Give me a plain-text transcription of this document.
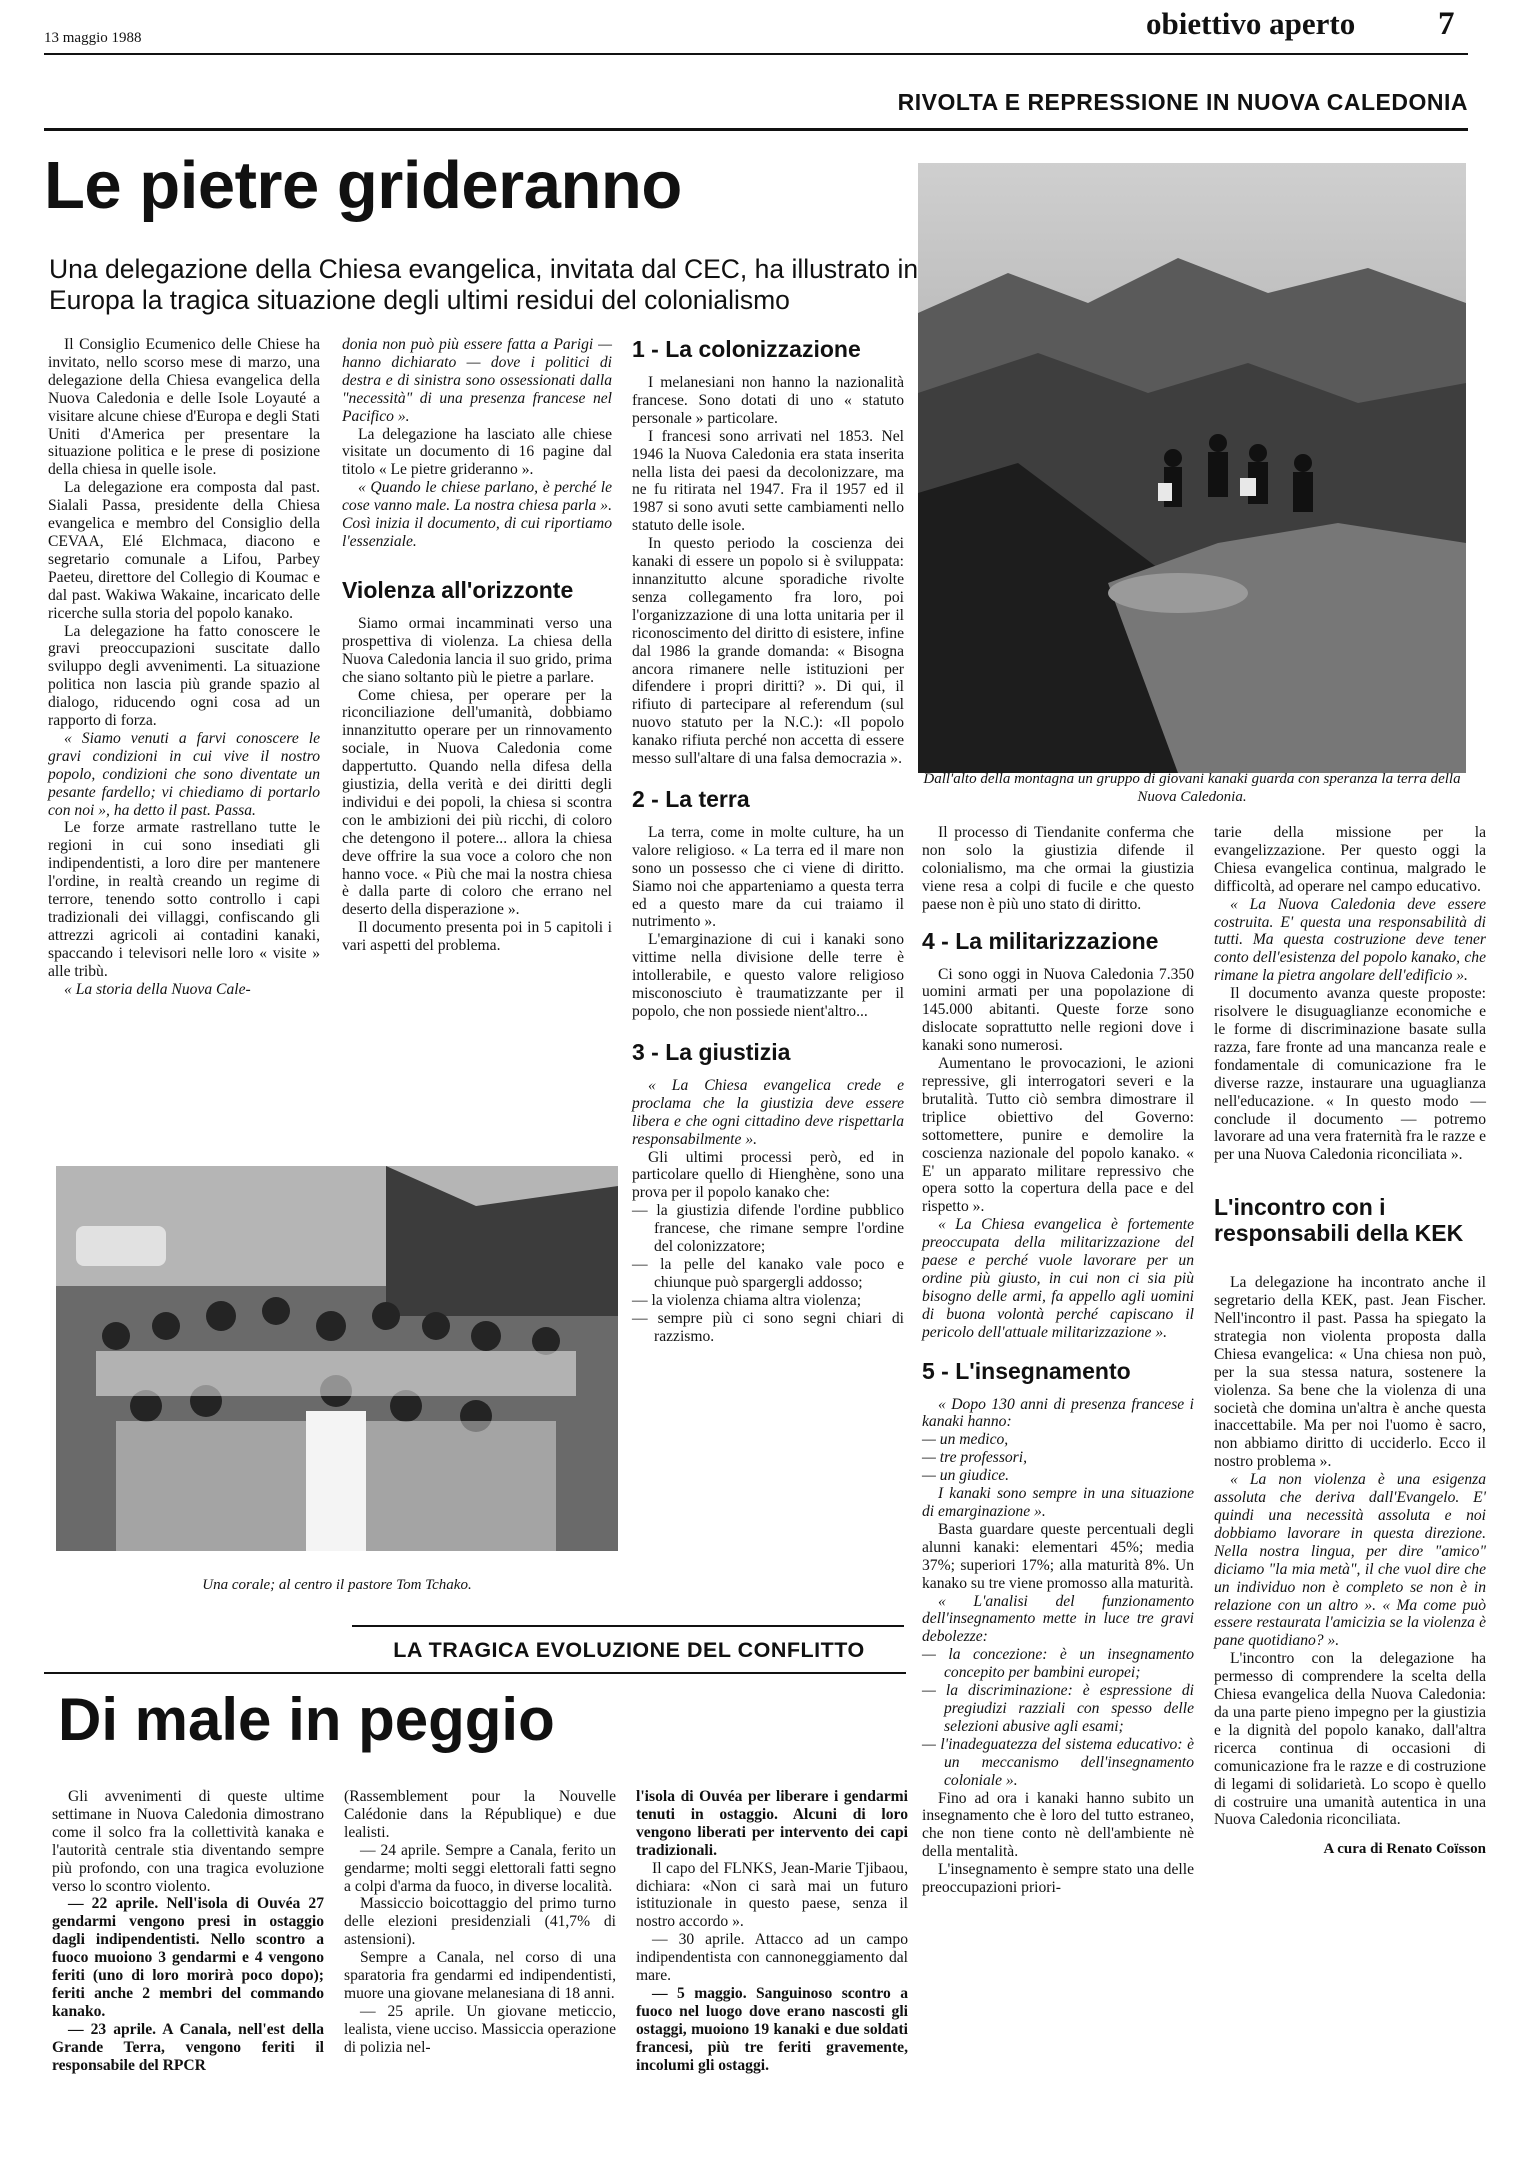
13 maggio 1988	obiettivo aperto	7
RIVOLTA E REPRESSIONE IN NUOVA CALEDONIA
Le pietre grideranno
Una delegazione della Chiesa evangelica, invitata dal CEC, ha illustrato in Europa la tragica situazione degli ultimi residui del colonialismo

Il Consiglio Ecumenico delle Chiese ha invitato, nello scorso mese di marzo, una delegazione della Chiesa evangelica della Nuova Caledonia e delle Isole Loyauté a visitare alcune chiese d'Europa e degli Stati Uniti d'America per presentare la situazione politica e le prese di posizione della chiesa in quelle isole.

La delegazione era composta dal past. Sialali Passa, presidente della Chiesa evangelica e membro del Consiglio della CEVAA, Elé Elchmaca, diacono e segretario comunale a Lifou, Parbey Paeteu, direttore del Collegio di Koumac e dal past. Wakiwa Wakaine, incaricato delle ricerche sulla storia del popolo kanako.

La delegazione ha fatto conoscere le gravi preoccupazioni suscitate dallo sviluppo degli avvenimenti. La situazione politica non lascia più grande spazio al dialogo, riducendo ogni cosa ad un rapporto di forza.

« Siamo venuti a farvi conoscere le gravi condizioni in cui vive il nostro popolo, condizioni che sono diventate un pesante fardello; vi chiediamo di portarlo con noi », ha detto il past. Passa.

Le forze armate rastrellano tutte le regioni in cui sono insediati gli indipendentisti, a loro dire per mantenere l'ordine, in realtà creando un regime di terrore, tenendo sotto controllo i capi tradizionali dei villaggi, confiscando gli attrezzi agricoli ai contadini kanaki, spaccando i televisori nelle loro « visite » alle tribù.

« La storia della Nuova Cale-

donia non può più essere fatta a Parigi — hanno dichiarato — dove i politici di destra e di sinistra sono ossessionati dalla "necessità" di una presenza francese nel Pacifico ».

La delegazione ha lasciato alle chiese visitate un documento di 16 pagine dal titolo « Le pietre grideranno ».

« Quando le chiese parlano, è perché le cose vanno male. La nostra chiesa parla ». Così inizia il documento, di cui riportiamo l'essenziale.

Violenza all'orizzonte

Siamo ormai incamminati verso una prospettiva di violenza. La chiesa della Nuova Caledonia lancia il suo grido, prima che siano soltanto più le pietre a parlare.

Come chiesa, per operare per la riconciliazione dell'umanità, dobbiamo innanzitutto operare per un rinnovamento sociale, in Nuova Caledonia come dappertutto. Quando nella difesa della giustizia, della verità e dei diritti degli individui e dei popoli, la chiesa si scontra con le ambizioni dei più ricchi, di coloro che detengono il potere... allora la chiesa deve offrire la sua voce a coloro che non hanno voce. « Più che mai la nostra chiesa è dalla parte di coloro che errano nel deserto della disperazione ».

Il documento presenta poi in 5 capitoli i vari aspetti del problema.

1 - La colonizzazione

I melanesiani non hanno la nazionalità francese. Sono dotati di uno « statuto personale » particolare.

I francesi sono arrivati nel 1853. Nel 1946 la Nuova Caledonia era stata inserita nella lista dei paesi da decolonizzare, ma ne fu ritirata nel 1947. Fra il 1957 ed il 1987 si sono avuti sette cambiamenti nello statuto delle isole.

In questo periodo la coscienza dei kanaki di essere un popolo si è sviluppata: innanzitutto alcune sporadiche rivolte senza collegamento fra loro, poi l'organizzazione di una lotta unitaria per il riconoscimento del diritto di esistere, infine dal 1986 la grande domanda: « Bisogna ancora rimanere nelle istituzioni per difendere i propri diritti? ». Di qui, il rifiuto di partecipare al referendum (sul nuovo statuto per la N.C.): «Il popolo kanako rifiuta perché non accetta di essere messo sull'altare di una falsa democrazia ».

2 - La terra

La terra, come in molte culture, ha un valore religioso. « La terra ed il mare non sono un possesso che ci viene di diritto. Siamo noi che apparteniamo a questa terra ed a questo mare da cui traiamo il nutrimento ».

L'emarginazione di cui i kanaki sono vittime nella divisione delle terre è intollerabile, e questo valore religioso misconosciuto è traumatizzante per il popolo, che non possiede nient'altro...

3 - La giustizia

« La Chiesa evangelica crede e proclama che la giustizia deve essere libera e che ogni cittadino deve rispettarla responsabilmente ».

Gli ultimi processi però, ed in particolare quello di Hienghène, sono una prova per il popolo kanako che:

— la giustizia difende l'ordine pubblico francese, che rimane sempre l'ordine del colonizzatore;
— la pelle del kanako vale poco e chiunque può spargergli addosso;
— la violenza chiama altra violenza;
— sempre più ci sono segni chiari di razzismo.
Dall'alto della montagna un gruppo di giovani kanaki guarda con speranza la terra della Nuova Caledonia.
Una corale; al centro il pastore Tom Tchako.

Il processo di Tiendanite conferma che non solo la giustizia difende il colonialismo, ma che ormai la giustizia viene resa a colpi di fucile e che questo paese non è più uno stato di diritto.

4 - La militarizzazione

Ci sono oggi in Nuova Caledonia 7.350 uomini armati per una popolazione di 145.000 abitanti. Queste forze sono dislocate soprattutto nelle regioni dove i kanaki sono numerosi.

Aumentano le provocazioni, le azioni repressive, gli interrogatori severi e la brutalità. Tutto ciò sembra dimostrare il triplice obiettivo del Governo: sottomettere, punire e demolire la coscienza nazionale del popolo kanako. « E' un apparato militare repressivo che opera sotto la copertura della pace e del rispetto ».

« La Chiesa evangelica è fortemente preoccupata della militarizzazione del paese e perché vuole lavorare per un ordine più giusto, in cui non ci sia più bisogno delle armi, fa appello agli uomini di buona volontà perché capiscano il pericolo dell'attuale militarizzazione ».

5 - L'insegnamento

« Dopo 130 anni di presenza francese i kanaki hanno:

— un medico,
— tre professori,
— un giudice.

I kanaki sono sempre in una situazione di emarginazione ».

Basta guardare queste percentuali degli alunni kanaki: elementari 45%; media 37%; superiori 17%; alla maturità 8%. Un kanako su tre viene promosso alla maturità.

« L'analisi del funzionamento dell'insegnamento mette in luce tre gravi debolezze:

— la concezione: è un insegnamento concepito per bambini europei;
— la discriminazione: è espressione di pregiudizi razziali con spesso delle selezioni abusive agli esami;
— l'inadeguatezza del sistema educativo: è un meccanismo dell'insegnamento coloniale ».

Fino ad ora i kanaki hanno subito un insegnamento che è loro del tutto estraneo, che non tiene conto nè dell'ambiente nè della mentalità.

L'insegnamento è sempre stato una delle preoccupazioni priori-

tarie della missione per la evangelizzazione. Per questo oggi la Chiesa evangelica continua, malgrado le difficoltà, ad operare nel campo educativo.

« La Nuova Caledonia deve essere costruita. E' questa una responsabilità di tutti. Ma questa costruzione deve tener conto dell'esistenza del popolo kanako, che rimane la pietra angolare dell'edificio ».

Il documento avanza queste proposte: risolvere le disuguaglianze economiche e le forme di discriminazione basate sulla razza, fare fronte ad una mancanza reale e fondamentale di comunicazione fra le diverse razze, instaurare una uguaglianza nell'educazione. « In questo modo — conclude il documento — potremo lavorare ad una vera fraternità fra le razze e per una Nuova Caledonia riconciliata ».

L'incontro con i responsabili della KEK

La delegazione ha incontrato anche il segretario della KEK, past. Jean Fischer. Nell'incontro il past. Passa ha spiegato la strategia non violenta proposta dalla Chiesa evangelica: « Una chiesa non può, per la sua stessa natura, sostenere la violenza. Sa bene che la violenza di una società che domina un'altra è anche questa inaccettabile. Ma per noi l'uomo è sacro, non abbiamo diritto di ucciderlo. Ecco il nostro problema ».

« La non violenza è una esigenza assoluta che deriva dall'Evangelo. E' quindi una necessità assoluta e noi dobbiamo lavorare in questa direzione. Nella nostra lingua, per dire "amico" diciamo "la mia metà", il che vuol dire che un individuo non è completo se non è in relazione con un altro ». « Ma come può essere restaurata l'amicizia se la violenza è pane quotidiano? ».

L'incontro con la delegazione ha permesso di comprendere la scelta della Chiesa evangelica della Nuova Caledonia: da una parte pieno impegno per la giustizia e la dignità del popolo kanako, dall'altra ricerca continua di occasioni di comunicazione fra le razze e di costruzione di legami di solidarietà. Lo scopo è quello di costruire una umanità autentica in una Nuova Caledonia riconciliata.

A cura di Renato Coïsson
LA TRAGICA EVOLUZIONE DEL CONFLITTO
Di male in peggio

Gli avvenimenti di queste ultime settimane in Nuova Caledonia dimostrano come il solco fra la collettività kanaka e l'autorità centrale stia diventando sempre più profondo, con una tragica evoluzione verso lo scontro violento.

— 22 aprile. Nell'isola di Ouvéa 27 gendarmi vengono presi in ostaggio dagli indipendentisti. Nello scontro a fuoco muoiono 3 gendarmi e 4 vengono feriti (uno di loro morirà poco dopo); feriti anche 2 membri del commando kanako.

— 23 aprile. A Canala, nell'est della Grande Terra, vengono feriti il responsabile del RPCR

(Rassemblement pour la Nouvelle Calédonie dans la République) e due lealisti.

— 24 aprile. Sempre a Canala, ferito un gendarme; molti seggi elettorali fatti segno a colpi d'arma da fuoco, in diverse località.

Massiccio boicottaggio del primo turno delle elezioni presidenziali (41,7% di astensioni).

Sempre a Canala, nel corso di una sparatoria fra gendarmi ed indipendentisti, muore una giovane melanesiana di 18 anni.

— 25 aprile. Un giovane meticcio, lealista, viene ucciso. Massiccia operazione di polizia nel-

l'isola di Ouvéa per liberare i gendarmi tenuti in ostaggio. Alcuni di loro vengono liberati per intervento dei capi tradizionali.

Il capo del FLNKS, Jean-Marie Tjibaou, dichiara: «Non ci sarà mai un futuro istituzionale in questo paese, senza il nostro accordo ».

— 30 aprile. Attacco ad un campo indipendentista con cannoneggiamento dal mare.

— 5 maggio. Sanguinoso scontro a fuoco nel luogo dove erano nascosti gli ostaggi, muoiono 19 kanaki e due soldati francesi, più tre feriti gravemente, incolumi gli ostaggi.
